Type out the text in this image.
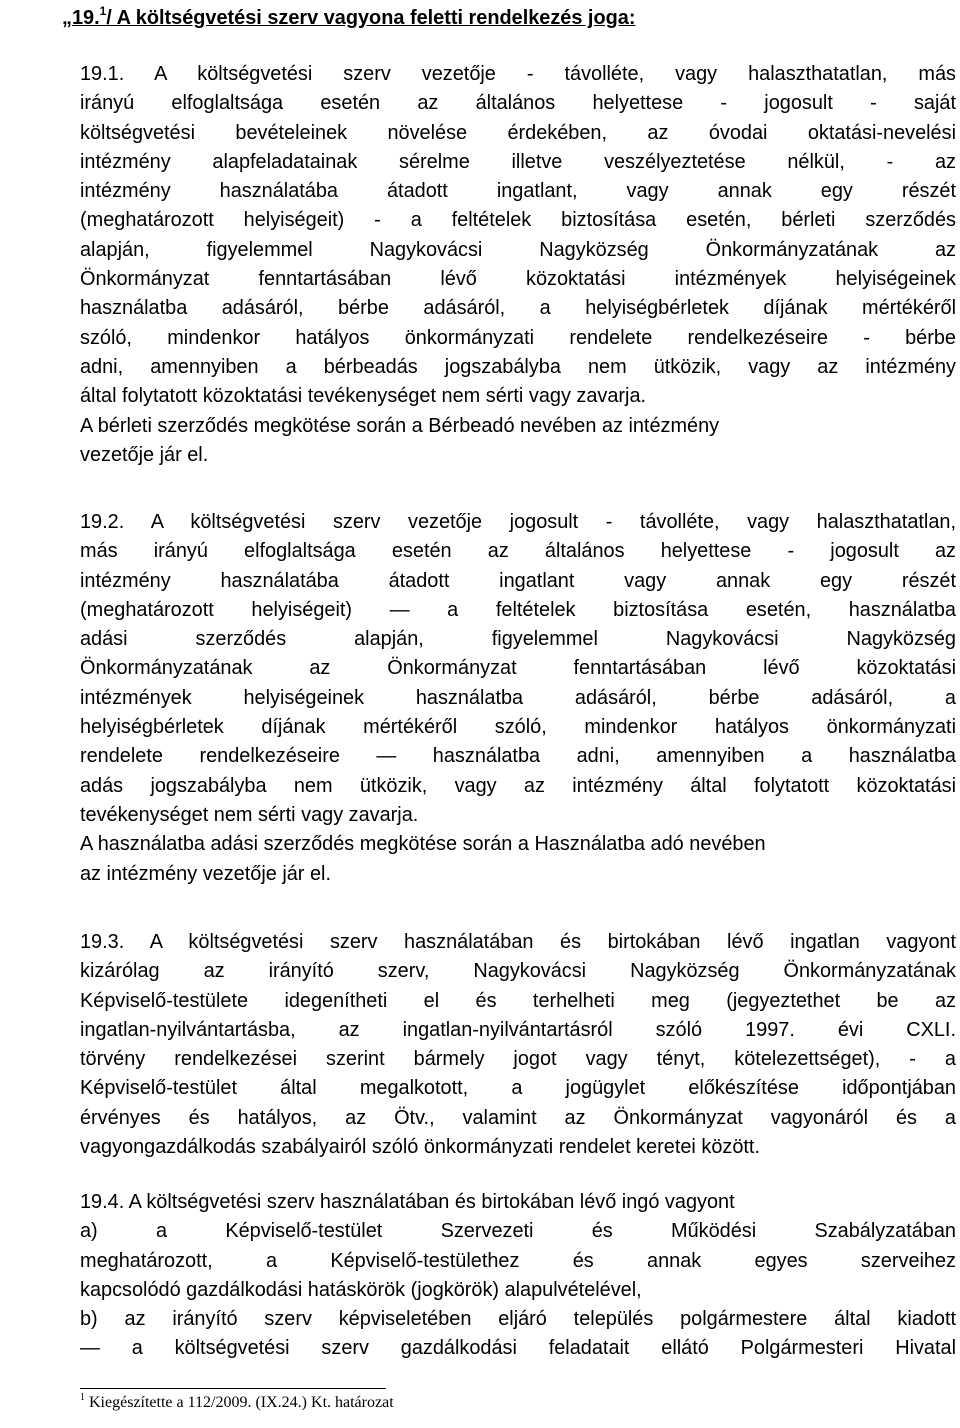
„19.$^1$/ A költségvetési szerv vagyona feletti rendelkezés joga:
19.1. A költségvetési szerv vezetője - távolléte, vagy halaszthatatlan, más
irányú elfoglaltsága esetén az általános helyettese - jogosult - saját
költségvetési bevételeinek növelése érdekében, az óvodai oktatási-nevelési
intézmény alapfeladatainak sérelme illetve veszélyeztetése nélkül, - az
intézmény használatába átadott ingatlant, vagy annak egy részét
(meghatározott helyiségeit) - a feltételek biztosítása esetén, bérleti szerződés
alapján, figyelemmel Nagykovácsi Nagyközség Önkormányzatának az
Önkormányzat fenntartásában lévő közoktatási intézmények helyiségeinek
használatba adásáról, bérbe adásáról, a helyiségbérletek díjának mértékéről
szóló, mindenkor hatályos önkormányzati rendelete rendelkezéseire - bérbe
adni, amennyiben a bérbeadás jogszabályba nem ütközik, vagy az intézmény
által folytatott közoktatási tevékenységet nem sérti vagy zavarja.
A bérleti szerződés megkötése során a Bérbeadó nevében az intézmény
vezetője jár el.
19.2. A költségvetési szerv vezetője jogosult - távolléte, vagy halaszthatatlan,
más irányú elfoglaltsága esetén az általános helyettese - jogosult az
intézmény használatába átadott ingatlant vagy annak egy részét
(meghatározott helyiségeit) — a feltételek biztosítása esetén, használatba
adási szerződés alapján, figyelemmel Nagykovácsi Nagyközség
Önkormányzatának az Önkormányzat fenntartásában lévő közoktatási
intézmények helyiségeinek használatba adásáról, bérbe adásáról, a
helyiségbérletek díjának mértékéről szóló, mindenkor hatályos önkormányzati
rendelete rendelkezéseire — használatba adni, amennyiben a használatba
adás jogszabályba nem ütközik, vagy az intézmény által folytatott közoktatási
tevékenységet nem sérti vagy zavarja.
A használatba adási szerződés megkötése során a Használatba adó nevében
az intézmény vezetője jár el.
19.3. A költségvetési szerv használatában és birtokában lévő ingatlan vagyont
kizárólag az irányító szerv, Nagykovácsi Nagyközség Önkormányzatának
Képviselő-testülete idegenítheti el és terhelheti meg (jegyeztethet be az
ingatlan-nyilvántartásba, az ingatlan-nyilvántartásról szóló 1997. évi CXLI.
törvény rendelkezései szerint bármely jogot vagy tényt, kötelezettséget), - a
Képviselő-testület által megalkotott, a jogügylet előkészítése időpontjában
érvényes és hatályos, az Ötv., valamint az Önkormányzat vagyonáról és a
vagyongazdálkodás szabályairól szóló önkormányzati rendelet keretei között.
19.4. A költségvetési szerv használatában és birtokában lévő ingó vagyont
a) a Képviselő-testület Szervezeti és Működési Szabályzatában
meghatározott, a Képviselő-testülethez és annak egyes szerveihez
kapcsolódó gazdálkodási hatáskörök (jogkörök) alapulvételével,
b) az irányító szerv képviseletében eljáró település polgármestere által kiadott
— a költségvetési szerv gazdálkodási feladatait ellátó Polgármesteri Hivatal
$^1$ Kiegészítette a 112/2009. (IX.24.) Kt. határozat
